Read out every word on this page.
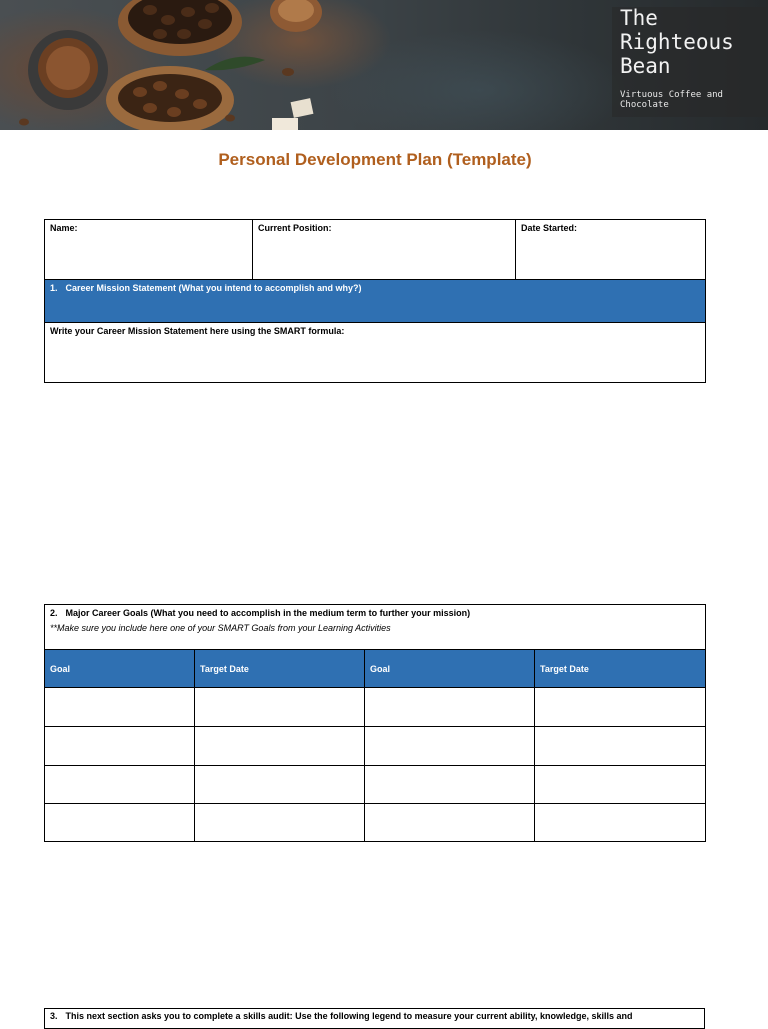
The
Righteous
Bean
Virtuous Coffee and Chocolate
Personal Development Plan (Template)
Name:	Current Position:	Date Started:
1. Career Mission Statement (What you intend to accomplish and why?)
Write your Career Mission Statement here using the SMART formula:
2. Major Career Goals (What you need to accomplish in the medium term to further your mission)
**Make sure you include here one of your SMART Goals from your Learning Activities			

Goal	Target Date	Goal	Target Date

3. This next section asks you to complete a skills audit: Use the following legend to measure your current ability, knowledge, skills and
